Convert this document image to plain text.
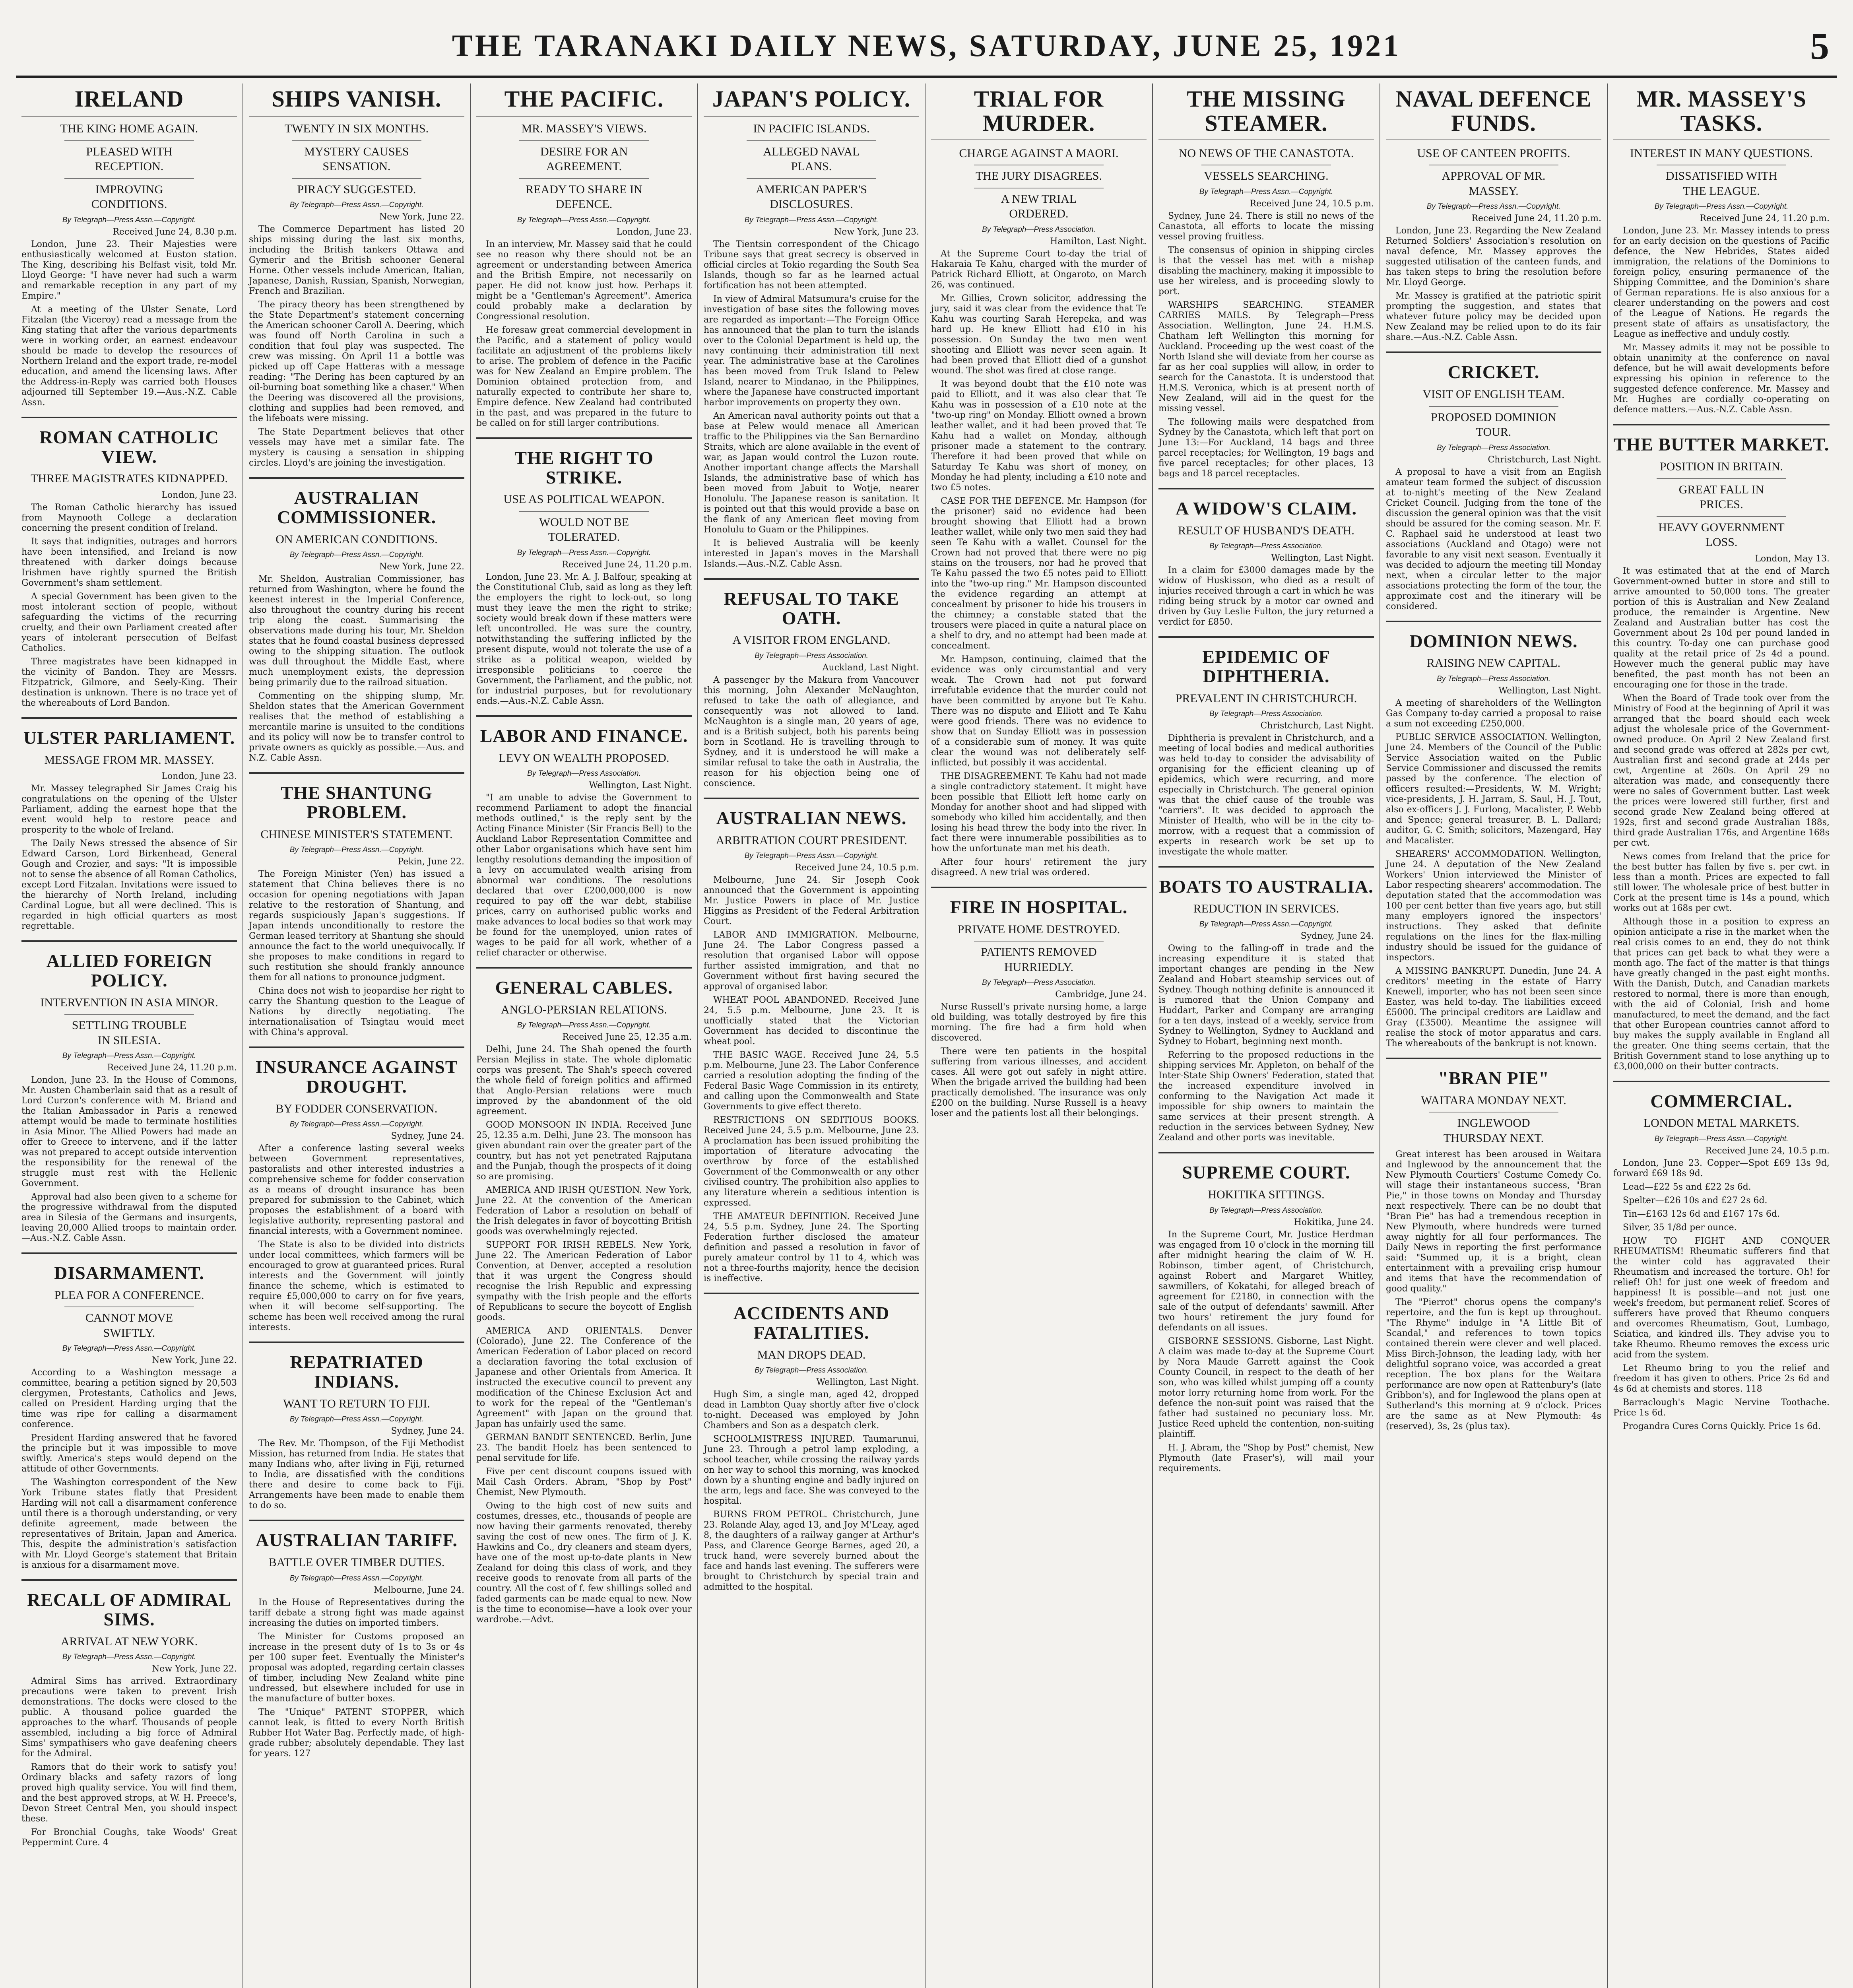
THE TARANAKI DAILY NEWS, SATURDAY, JUNE 25, 1921	5
IRELAND
THE KING HOME AGAIN.
PLEASED WITH RECEPTION.
IMPROVING CONDITIONS.
By Telegraph—Press Assn.—Copyright.
Received June 24, 8.30 p.m.

London, June 23. Their Majesties were enthusiastically welcomed at Euston station. The King, describing his Belfast visit, told Mr. Lloyd George: "I have never had such a warm and remarkable reception in any part of my Empire."

At a meeting of the Ulster Senate, Lord Fitzalan (the Viceroy) read a message from the King stating that after the various departments were in working order, an earnest endeavour should be made to develop the resources of Northern Ireland and the export trade, re-model education, and amend the licensing laws. After the Address-in-Reply was carried both Houses adjourned till September 19.—Aus.-N.Z. Cable Assn.

ROMAN CATHOLIC VIEW.
THREE MAGISTRATES KIDNAPPED.
London, June 23.

The Roman Catholic hierarchy has issued from Maynooth College a declaration concerning the present condition of Ireland.

It says that indignities, outrages and horrors have been intensified, and Ireland is now threatened with darker doings because Irishmen have rightly spurned the British Government's sham settlement.

A special Government has been given to the most intolerant section of people, without safeguarding the victims of the recurring cruelty, and their own Parliament created after years of intolerant persecution of Belfast Catholics.

Three magistrates have been kidnapped in the vicinity of Bandon. They are Messrs. Fitzpatrick, Gilmore, and Seely-King. Their destination is unknown. There is no trace yet of the whereabouts of Lord Bandon.

ULSTER PARLIAMENT.
MESSAGE FROM MR. MASSEY.
London, June 23.

Mr. Massey telegraphed Sir James Craig his congratulations on the opening of the Ulster Parliament, adding the earnest hope that the event would help to restore peace and prosperity to the whole of Ireland.

The Daily News stressed the absence of Sir Edward Carson, Lord Birkenhead, General Gough and Crozier, and says: "It is impossible not to sense the absence of all Roman Catholics, except Lord Fitzalan. Invitations were issued to the hierarchy of North Ireland, including Cardinal Logue, but all were declined. This is regarded in high official quarters as most regrettable.

ALLIED FOREIGN POLICY.
INTERVENTION IN ASIA MINOR.
SETTLING TROUBLE IN SILESIA.
By Telegraph—Press Assn.—Copyright.
Received June 24, 11.20 p.m.

London, June 23. In the House of Commons, Mr. Austen Chamberlain said that as a result of Lord Curzon's conference with M. Briand and the Italian Ambassador in Paris a renewed attempt would be made to terminate hostilities in Asia Minor. The Allied Powers had made an offer to Greece to intervene, and if the latter was not prepared to accept outside intervention the responsibility for the renewal of the struggle must rest with the Hellenic Government.

Approval had also been given to a scheme for the progressive withdrawal from the disputed area in Silesia of the Germans and insurgents, leaving 20,000 Allied troops to maintain order.—Aus.-N.Z. Cable Assn.

DISARMAMENT.
PLEA FOR A CONFERENCE.
CANNOT MOVE SWIFTLY.
By Telegraph—Press Assn.—Copyright.
New York, June 22.

According to a Washington message a committee, bearing a petition signed by 20,503 clergymen, Protestants, Catholics and Jews, called on President Harding urging that the time was ripe for calling a disarmament conference.

President Harding answered that he favored the principle but it was impossible to move swiftly. America's steps would depend on the attitude of other Governments.

The Washington correspondent of the New York Tribune states flatly that President Harding will not call a disarmament conference until there is a thorough understanding, or very definite agreement, made between the representatives of Britain, Japan and America. This, despite the administration's satisfaction with Mr. Lloyd George's statement that Britain is anxious for a disarmament move.

RECALL OF ADMIRAL SIMS.
ARRIVAL AT NEW YORK.
By Telegraph—Press Assn.—Copyright.
New York, June 22.

Admiral Sims has arrived. Extraordinary precautions were taken to prevent Irish demonstrations. The docks were closed to the public. A thousand police guarded the approaches to the wharf. Thousands of people assembled, including a big force of Admiral Sims' sympathisers who gave deafening cheers for the Admiral.

Ramors that do their work to satisfy you! Ordinary blacks and safety razors of long proved high quality service. You will find them, and the best approved strops, at W. H. Preece's, Devon Street Central Men, you should inspect these.

For Bronchial Coughs, take Woods' Great Peppermint Cure. 4

SHIPS VANISH.
TWENTY IN SIX MONTHS.
MYSTERY CAUSES SENSATION.
PIRACY SUGGESTED.
By Telegraph—Press Assn.—Copyright.
New York, June 22.

The Commerce Department has listed 20 ships missing during the last six months, including the British tankers Ottawa and Gymerir and the British schooner General Horne. Other vessels include American, Italian, Japanese, Danish, Russian, Spanish, Norwegian, French and Brazilian.

The piracy theory has been strengthened by the State Department's statement concerning the American schooner Caroll A. Deering, which was found off North Carolina in such a condition that foul play was suspected. The crew was missing. On April 11 a bottle was picked up off Cape Hatteras with a message reading: "The Dering has been captured by an oil-burning boat something like a chaser." When the Deering was discovered all the provisions, clothing and supplies had been removed, and the lifeboats were missing.

The State Department believes that other vessels may have met a similar fate. The mystery is causing a sensation in shipping circles. Lloyd's are joining the investigation.

AUSTRALIAN COMMISSIONER.
ON AMERICAN CONDITIONS.
By Telegraph—Press Assn.—Copyright.
New York, June 22.

Mr. Sheldon, Australian Commissioner, has returned from Washington, where he found the keenest interest in the Imperial Conference, also throughout the country during his recent trip along the coast. Summarising the observations made during his tour, Mr. Sheldon states that he found coastal business depressed owing to the shipping situation. The outlook was dull throughout the Middle East, where much unemployment exists, the depression being primarily due to the railroad situation.

Commenting on the shipping slump, Mr. Sheldon states that the American Government realises that the method of establishing a mercantile marine is unsuited to the conditions and its policy will now be to transfer control to private owners as quickly as possible.—Aus. and N.Z. Cable Assn.

THE SHANTUNG PROBLEM.
CHINESE MINISTER'S STATEMENT.
By Telegraph—Press Assn.—Copyright.
Pekin, June 22.

The Foreign Minister (Yen) has issued a statement that China believes there is no occasion for opening negotiations with Japan relative to the restoration of Shantung, and regards suspiciously Japan's suggestions. If Japan intends unconditionally to restore the German leased territory at Shantung she should announce the fact to the world unequivocally. If she proposes to make conditions in regard to such restitution she should frankly announce them for all nations to pronounce judgment.

China does not wish to jeopardise her right to carry the Shantung question to the League of Nations by directly negotiating. The internationalisation of Tsingtau would meet with China's approval.

INSURANCE AGAINST DROUGHT.
BY FODDER CONSERVATION.
By Telegraph—Press Assn.—Copyright.
Sydney, June 24.

After a conference lasting several weeks between Government representatives, pastoralists and other interested industries a comprehensive scheme for fodder conservation as a means of drought insurance has been prepared for submission to the Cabinet, which proposes the establishment of a board with legislative authority, representing pastoral and financial interests, with a Government nominee.

The State is also to be divided into districts under local committees, which farmers will be encouraged to grow at guaranteed prices. Rural interests and the Government will jointly finance the scheme, which is estimated to require £5,000,000 to carry on for five years, when it will become self-supporting. The scheme has been well received among the rural interests.

REPATRIATED INDIANS.
WANT TO RETURN TO FIJI.
By Telegraph—Press Assn.—Copyright.
Sydney, June 24.

The Rev. Mr. Thompson, of the Fiji Methodist Mission, has returned from India. He states that many Indians who, after living in Fiji, returned to India, are dissatisfied with the conditions there and desire to come back to Fiji. Arrangements have been made to enable them to do so.

AUSTRALIAN TARIFF.
BATTLE OVER TIMBER DUTIES.
By Telegraph—Press Assn.—Copyright.
Melbourne, June 24.

In the House of Representatives during the tariff debate a strong fight was made against increasing the duties on imported timbers.

The Minister for Customs proposed an increase in the present duty of 1s to 3s or 4s per 100 super feet. Eventually the Minister's proposal was adopted, regarding certain classes of timber, including New Zealand white pine undressed, but elsewhere included for use in the manufacture of butter boxes.

The "Unique" PATENT STOPPER, which cannot leak, is fitted to every North British Rubber Hot Water Bag. Perfectly made, of high-grade rubber; absolutely dependable. They last for years. 127

THE PACIFIC.
MR. MASSEY'S VIEWS.
DESIRE FOR AN AGREEMENT.
READY TO SHARE IN DEFENCE.
By Telegraph—Press Assn.—Copyright.
London, June 23.

In an interview, Mr. Massey said that he could see no reason why there should not be an agreement or understanding between America and the British Empire, not necessarily on paper. He did not know just how. Perhaps it might be a "Gentleman's Agreement". America could probably make a declaration by Congressional resolution.

He foresaw great commercial development in the Pacific, and a statement of policy would facilitate an adjustment of the problems likely to arise. The problem of defence in the Pacific was for New Zealand an Empire problem. The Dominion obtained protection from, and naturally expected to contribute her share to, Empire defence. New Zealand had contributed in the past, and was prepared in the future to be called on for still larger contributions.

THE RIGHT TO STRIKE.
USE AS POLITICAL WEAPON.
WOULD NOT BE TOLERATED.
By Telegraph—Press Assn.—Copyright.
Received June 24, 11.20 p.m.

London, June 23. Mr. A. J. Balfour, speaking at the Constitutional Club, said as long as they left the employers the right to lock-out, so long must they leave the men the right to strike; society would break down if these matters were left uncontrolled. He was sure the country, notwithstanding the suffering inflicted by the present dispute, would not tolerate the use of a strike as a political weapon, wielded by irresponsible politicians to coerce the Government, the Parliament, and the public, not for industrial purposes, but for revolutionary ends.—Aus.-N.Z. Cable Assn.

LABOR AND FINANCE.
LEVY ON WEALTH PROPOSED.
By Telegraph—Press Association.
Wellington, Last Night.

"I am unable to advise the Government to recommend Parliament to adopt the financial methods outlined," is the reply sent by the Acting Finance Minister (Sir Francis Bell) to the Auckland Labor Representation Committee and other Labor organisations which have sent him lengthy resolutions demanding the imposition of a levy on accumulated wealth arising from abnormal war conditions. The resolutions declared that over £200,000,000 is now required to pay off the war debt, stabilise prices, carry on authorised public works and make advances to local bodies so that work may be found for the unemployed, union rates of wages to be paid for all work, whether of a relief character or otherwise.

GENERAL CABLES.
ANGLO-PERSIAN RELATIONS.
By Telegraph—Press Assn.—Copyright.
Received June 25, 12.35 a.m.

Delhi, June 24. The Shah opened the fourth Persian Mejliss in state. The whole diplomatic corps was present. The Shah's speech covered the whole field of foreign politics and affirmed that Anglo-Persian relations were much improved by the abandonment of the old agreement.

GOOD MONSOON IN INDIA. Received June 25, 12.35 a.m. Delhi, June 23. The monsoon has given abundant rain over the greater part of the country, but has not yet penetrated Rajputana and the Punjab, though the prospects of it doing so are promising.

AMERICA AND IRISH QUESTION. New York, June 22. At the convention of the American Federation of Labor a resolution on behalf of the Irish delegates in favor of boycotting British goods was overwhelmingly rejected.

SUPPORT FOR IRISH REBELS. New York, June 22. The American Federation of Labor Convention, at Denver, accepted a resolution that it was urgent the Congress should recognise the Irish Republic and expressing sympathy with the Irish people and the efforts of Republicans to secure the boycott of English goods.

AMERICA AND ORIENTALS. Denver (Colorado), June 22. The Conference of the American Federation of Labor placed on record a declaration favoring the total exclusion of Japanese and other Orientals from America. It instructed the executive council to prevent any modification of the Chinese Exclusion Act and to work for the repeal of the "Gentleman's Agreement" with Japan on the ground that Japan has unfairly used the same.

GERMAN BANDIT SENTENCED. Berlin, June 23. The bandit Hoelz has been sentenced to penal servitude for life.

Five per cent discount coupons issued with Mail Cash Orders. Abram, "Shop by Post" Chemist, New Plymouth.

Owing to the high cost of new suits and costumes, dresses, etc., thousands of people are now having their garments renovated, thereby saving the cost of new ones. The firm of J. K. Hawkins and Co., dry cleaners and steam dyers, have one of the most up-to-date plants in New Zealand for doing this class of work, and they receive goods to renovate from all parts of the country. All the cost of f. few shillings solled and faded garments can be made equal to new. Now is the time to economise—have a look over your wardrobe.—Advt.

JAPAN'S POLICY.
IN PACIFIC ISLANDS.
ALLEGED NAVAL PLANS.
AMERICAN PAPER'S DISCLOSURES.
By Telegraph—Press Assn.—Copyright.
New York, June 23.

The Tientsin correspondent of the Chicago Tribune says that great secrecy is observed in official circles at Tokio regarding the South Sea Islands, though so far as he learned actual fortification has not been attempted.

In view of Admiral Matsumura's cruise for the investigation of base sites the following moves are regarded as important:—The Foreign Office has announced that the plan to turn the islands over to the Colonial Department is held up, the navy continuing their administration till next year. The administrative base at the Carolines has been moved from Truk Island to Pelew Island, nearer to Mindanao, in the Philippines, where the Japanese have constructed important harbor improvements on property they own.

An American naval authority points out that a base at Pelew would menace all American traffic to the Philippines via the San Bernardino Straits, which are alone available in the event of war, as Japan would control the Luzon route. Another important change affects the Marshall Islands, the administrative base of which has been moved from Jabuit to Wotje, nearer Honolulu. The Japanese reason is sanitation. It is pointed out that this would provide a base on the flank of any American fleet moving from Honolulu to Guam or the Philippines.

It is believed Australia will be keenly interested in Japan's moves in the Marshall Islands.—Aus.-N.Z. Cable Assn.

REFUSAL TO TAKE OATH.
A VISITOR FROM ENGLAND.
By Telegraph—Press Association.
Auckland, Last Night.

A passenger by the Makura from Vancouver this morning, John Alexander McNaughton, refused to take the oath of allegiance, and consequently was not allowed to land. McNaughton is a single man, 20 years of age, and is a British subject, both his parents being born in Scotland. He is travelling through to Sydney, and it is understood he will make a similar refusal to take the oath in Australia, the reason for his objection being one of conscience.

AUSTRALIAN NEWS.
ARBITRATION COURT PRESIDENT.
By Telegraph—Press Assn.—Copyright.
Received June 24, 10.5 p.m.

Melbourne, June 24. Sir Joseph Cook announced that the Government is appointing Mr. Justice Powers in place of Mr. Justice Higgins as President of the Federal Arbitration Court.

LABOR AND IMMIGRATION. Melbourne, June 24. The Labor Congress passed a resolution that organised Labor will oppose further assisted immigration, and that no Government without first having secured the approval of organised labor.

WHEAT POOL ABANDONED. Received June 24, 5.5 p.m. Melbourne, June 23. It is unofficially stated that the Victorian Government has decided to discontinue the wheat pool.

THE BASIC WAGE. Received June 24, 5.5 p.m. Melbourne, June 23. The Labor Conference carried a resolution adopting the finding of the Federal Basic Wage Commission in its entirety, and calling upon the Commonwealth and State Governments to give effect thereto.

RESTRICTIONS ON SEDITIOUS BOOKS. Received June 24, 5.5 p.m. Melbourne, June 23. A proclamation has been issued prohibiting the importation of literature advocating the overthrow by force of the established Government of the Commonwealth or any other civilised country. The prohibition also applies to any literature wherein a seditious intention is expressed.

THE AMATEUR DEFINITION. Received June 24, 5.5 p.m. Sydney, June 24. The Sporting Federation further disclosed the amateur definition and passed a resolution in favor of purely amateur control by 11 to 4, which was not a three-fourths majority, hence the decision is ineffective.

ACCIDENTS AND FATALITIES.
MAN DROPS DEAD.
By Telegraph—Press Association.
Wellington, Last Night.

Hugh Sim, a single man, aged 42, dropped dead in Lambton Quay shortly after five o'clock to-night. Deceased was employed by John Chambers and Son as a despatch clerk.

SCHOOLMISTRESS INJURED. Taumarunui, June 23. Through a petrol lamp exploding, a school teacher, while crossing the railway yards on her way to school this morning, was knocked down by a shunting engine and badly injured on the arm, legs and face. She was conveyed to the hospital.

BURNS FROM PETROL. Christchurch, June 23. Rolande Alay, aged 13, and Joy M'Leay, aged 8, the daughters of a railway ganger at Arthur's Pass, and Clarence George Barnes, aged 20, a truck hand, were severely burned about the face and hands last evening. The sufferers were brought to Christchurch by special train and admitted to the hospital.

TRIAL FOR MURDER.
CHARGE AGAINST A MAORI.
THE JURY DISAGREES.
A NEW TRIAL ORDERED.
By Telegraph—Press Association.
Hamilton, Last Night.

At the Supreme Court to-day the trial of Hakaraia Te Kahu, charged with the murder of Patrick Richard Elliott, at Ongaroto, on March 26, was continued.

Mr. Gillies, Crown solicitor, addressing the jury, said it was clear from the evidence that Te Kahu was courting Sarah Herepeka, and was hard up. He knew Elliott had £10 in his possession. On Sunday the two men went shooting and Elliott was never seen again. It had been proved that Elliott died of a gunshot wound. The shot was fired at close range.

It was beyond doubt that the £10 note was paid to Elliott, and it was also clear that Te Kahu was in possession of a £10 note at the "two-up ring" on Monday. Elliott owned a brown leather wallet, and it had been proved that Te Kahu had a wallet on Monday, although prisoner made a statement to the contrary. Therefore it had been proved that while on Saturday Te Kahu was short of money, on Monday he had plenty, including a £10 note and two £5 notes.

CASE FOR THE DEFENCE. Mr. Hampson (for the prisoner) said no evidence had been brought showing that Elliott had a brown leather wallet, while only two men said they had seen Te Kahu with a wallet. Counsel for the Crown had not proved that there were no pig stains on the trousers, nor had he proved that Te Kahu passed the two £5 notes paid to Elliott into the "two-up ring." Mr. Hampson discounted the evidence regarding an attempt at concealment by prisoner to hide his trousers in the chimney; a constable stated that the trousers were placed in quite a natural place on a shelf to dry, and no attempt had been made at concealment.

Mr. Hampson, continuing, claimed that the evidence was only circumstantial and very weak. The Crown had not put forward irrefutable evidence that the murder could not have been committed by anyone but Te Kahu. There was no dispute and Elliott and Te Kahu were good friends. There was no evidence to show that on Sunday Elliott was in possession of a considerable sum of money. It was quite clear the wound was not deliberately self-inflicted, but possibly it was accidental.

THE DISAGREEMENT. Te Kahu had not made a single contradictory statement. It might have been possible that Elliott left home early on Monday for another shoot and had slipped with somebody who killed him accidentally, and then losing his head threw the body into the river. In fact there were innumerable possibilities as to how the unfortunate man met his death.

After four hours' retirement the jury disagreed. A new trial was ordered.

FIRE IN HOSPITAL.
PRIVATE HOME DESTROYED.
PATIENTS REMOVED HURRIEDLY.
By Telegraph—Press Association.
Cambridge, June 24.

Nurse Russell's private nursing home, a large old building, was totally destroyed by fire this morning. The fire had a firm hold when discovered.

There were ten patients in the hospital suffering from various illnesses, and accident cases. All were got out safely in night attire. When the brigade arrived the building had been practically demolished. The insurance was only £200 on the building. Nurse Russell is a heavy loser and the patients lost all their belongings.

THE MISSING STEAMER.
NO NEWS OF THE CANASTOTA.
VESSELS SEARCHING.
By Telegraph—Press Assn.—Copyright.
Received June 24, 10.5 p.m.

Sydney, June 24. There is still no news of the Canastota, all efforts to locate the missing vessel proving fruitless.

The consensus of opinion in shipping circles is that the vessel has met with a mishap disabling the machinery, making it impossible to use her wireless, and is proceeding slowly to port.

WARSHIPS SEARCHING. STEAMER CARRIES MAILS. By Telegraph—Press Association. Wellington, June 24. H.M.S. Chatham left Wellington this morning for Auckland. Proceeding up the west coast of the North Island she will deviate from her course as far as her coal supplies will allow, in order to search for the Canastota. It is understood that H.M.S. Veronica, which is at present north of New Zealand, will aid in the quest for the missing vessel.

The following mails were despatched from Sydney by the Canastota, which left that port on June 13:—For Auckland, 14 bags and three parcel receptacles; for Wellington, 19 bags and five parcel receptacles; for other places, 13 bags and 18 parcel receptacles.

A WIDOW'S CLAIM.
RESULT OF HUSBAND'S DEATH.
By Telegraph—Press Association.
Wellington, Last Night.

In a claim for £3000 damages made by the widow of Huskisson, who died as a result of injuries received through a cart in which he was riding being struck by a motor car owned and driven by Guy Leslie Fulton, the jury returned a verdict for £850.

EPIDEMIC OF DIPHTHERIA.
PREVALENT IN CHRISTCHURCH.
By Telegraph—Press Association.
Christchurch, Last Night.

Diphtheria is prevalent in Christchurch, and a meeting of local bodies and medical authorities was held to-day to consider the advisability of organising for the efficient cleaning up of epidemics, which were recurring, and more especially in Christchurch. The general opinion was that the chief cause of the trouble was "carriers". It was decided to approach the Minister of Health, who will be in the city to-morrow, with a request that a commission of experts in research work be set up to investigate the whole matter.

BOATS TO AUSTRALIA.
REDUCTION IN SERVICES.
By Telegraph—Press Assn.—Copyright.
Sydney, June 24.

Owing to the falling-off in trade and the increasing expenditure it is stated that important changes are pending in the New Zealand and Hobart steamship services out of Sydney. Though nothing definite is announced it is rumored that the Union Company and Huddart, Parker and Company are arranging for a ten days, instead of a weekly, service from Sydney to Wellington, Sydney to Auckland and Sydney to Hobart, beginning next month.

Referring to the proposed reductions in the shipping services Mr. Appleton, on behalf of the Inter-State Ship Owners' Federation, stated that the increased expenditure involved in conforming to the Navigation Act made it impossible for ship owners to maintain the same services at their present strength. A reduction in the services between Sydney, New Zealand and other ports was inevitable.

SUPREME COURT.
HOKITIKA SITTINGS.
By Telegraph—Press Association.
Hokitika, June 24.

In the Supreme Court, Mr. Justice Herdman was engaged from 10 o'clock in the morning till after midnight hearing the claim of W. H. Robinson, timber agent, of Christchurch, against Robert and Margaret Whitley, sawmillers, of Kokatahi, for alleged breach of agreement for £2180, in connection with the sale of the output of defendants' sawmill. After two hours' retirement the jury found for defendants on all issues.

GISBORNE SESSIONS. Gisborne, Last Night. A claim was made to-day at the Supreme Court by Nora Maude Garrett against the Cook County Council, in respect to the death of her son, who was killed whilst jumping off a county motor lorry returning home from work. For the defence the non-suit point was raised that the father had sustained no pecuniary loss. Mr. Justice Reed upheld the contention, non-suiting plaintiff.

H. J. Abram, the "Shop by Post" chemist, New Plymouth (late Fraser's), will mail your requirements.

NAVAL DEFENCE FUNDS.
USE OF CANTEEN PROFITS.
APPROVAL OF MR. MASSEY.
By Telegraph—Press Assn.—Copyright.
Received June 24, 11.20 p.m.

London, June 23. Regarding the New Zealand Returned Soldiers' Association's resolution on naval defence, Mr. Massey approves the suggested utilisation of the canteen funds, and has taken steps to bring the resolution before Mr. Lloyd George.

Mr. Massey is gratified at the patriotic spirit prompting the suggestion, and states that whatever future policy may be decided upon New Zealand may be relied upon to do its fair share.—Aus.-N.Z. Cable Assn.

CRICKET.
VISIT OF ENGLISH TEAM.
PROPOSED DOMINION TOUR.
By Telegraph—Press Association.
Christchurch, Last Night.

A proposal to have a visit from an English amateur team formed the subject of discussion at to-night's meeting of the New Zealand Cricket Council. Judging from the tone of the discussion the general opinion was that the visit should be assured for the coming season. Mr. F. C. Raphael said he understood at least two associations (Auckland and Otago) were not favorable to any visit next season. Eventually it was decided to adjourn the meeting till Monday next, when a circular letter to the major associations protecting the form of the tour, the approximate cost and the itinerary will be considered.

DOMINION NEWS.
RAISING NEW CAPITAL.
By Telegraph—Press Association.
Wellington, Last Night.

A meeting of shareholders of the Wellington Gas Company to-day carried a proposal to raise a sum not exceeding £250,000.

PUBLIC SERVICE ASSOCIATION. Wellington, June 24. Members of the Council of the Public Service Association waited on the Public Service Commissioner and discussed the remits passed by the conference. The election of officers resulted:—Presidents, W. M. Wright; vice-presidents, J. H. Jarram, S. Saul, H. J. Tout, also ex-officers J. J. Furlong, Macalister, P. Webb and Spence; general treasurer, B. L. Dallard; auditor, G. C. Smith; solicitors, Mazengard, Hay and Macalister.

SHEARERS' ACCOMMODATION. Wellington, June 24. A deputation of the New Zealand Workers' Union interviewed the Minister of Labor respecting shearers' accommodation. The deputation stated that the accommodation was 100 per cent better than five years ago, but still many employers ignored the inspectors' instructions. They asked that definite regulations on the lines for the flax-milling industry should be issued for the guidance of inspectors.

A MISSING BANKRUPT. Dunedin, June 24. A creditors' meeting in the estate of Harry Knewell, importer, who has not been seen since Easter, was held to-day. The liabilities exceed £5000. The principal creditors are Laidlaw and Gray (£3500). Meantime the assignee will realise the stock of motor apparatus and cars. The whereabouts of the bankrupt is not known.

"BRAN PIE"
WAITARA MONDAY NEXT.
INGLEWOOD THURSDAY NEXT.

Great interest has been aroused in Waitara and Inglewood by the announcement that the New Plymouth Courtiers' Costume Comedy Co. will stage their instantaneous success, "Bran Pie," in those towns on Monday and Thursday next respectively. There can be no doubt that "Bran Pie" has had a tremendous reception in New Plymouth, where hundreds were turned away nightly for all four performances. The Daily News in reporting the first performance said: "Summed up, it is a bright, clean entertainment with a prevailing crisp humour and items that have the recommendation of good quality."

The "Pierrot" chorus opens the company's repertoire, and the fun is kept up throughout. "The Rhyme" indulge in "A Little Bit of Scandal," and references to town topics contained therein were clever and well placed. Miss Birch-Johnson, the leading lady, with her delightful soprano voice, was accorded a great reception. The box plans for the Waitara performance are now open at Rattenbury's (late Gribbon's), and for Inglewood the plans open at Sutherland's this morning at 9 o'clock. Prices are the same as at New Plymouth: 4s (reserved), 3s, 2s (plus tax).

MR. MASSEY'S TASKS.
INTEREST IN MANY QUESTIONS.
DISSATISFIED WITH THE LEAGUE.
By Telegraph—Press Assn.—Copyright.
Received June 24, 11.20 p.m.

London, June 23. Mr. Massey intends to press for an early decision on the questions of Pacific defence, the New Hebrides, States aided immigration, the relations of the Dominions to foreign policy, ensuring permanence of the Shipping Committee, and the Dominion's share of German reparations. He is also anxious for a clearer understanding on the powers and cost of the League of Nations. He regards the present state of affairs as unsatisfactory, the League as ineffective and unduly costly.

Mr. Massey admits it may not be possible to obtain unanimity at the conference on naval defence, but he will await developments before expressing his opinion in reference to the suggested defence conference. Mr. Massey and Mr. Hughes are cordially co-operating on defence matters.—Aus.-N.Z. Cable Assn.

THE BUTTER MARKET.
POSITION IN BRITAIN.
GREAT FALL IN PRICES.
HEAVY GOVERNMENT LOSS.
London, May 13.

It was estimated that at the end of March Government-owned butter in store and still to arrive amounted to 50,000 tons. The greater portion of this is Australian and New Zealand produce, the remainder is Argentine. New Zealand and Australian butter has cost the Government about 2s 10d per pound landed in this country. To-day one can purchase good quality at the retail price of 2s 4d a pound. However much the general public may have benefited, the past month has not been an encouraging one for those in the trade.

When the Board of Trade took over from the Ministry of Food at the beginning of April it was arranged that the board should each week adjust the wholesale price of the Government-owned produce. On April 2 New Zealand first and second grade was offered at 282s per cwt, Australian first and second grade at 244s per cwt, Argentine at 260s. On April 29 no alteration was made, and consequently there were no sales of Government butter. Last week the prices were lowered still further, first and second grade New Zealand being offered at 192s, first and second grade Australian 188s, third grade Australian 176s, and Argentine 168s per cwt.

News comes from Ireland that the price for the best butter has fallen by five s. per cwt. in less than a month. Prices are expected to fall still lower. The wholesale price of best butter in Cork at the present time is 14s a pound, which works out at 168s per cwt.

Although those in a position to express an opinion anticipate a rise in the market when the real crisis comes to an end, they do not think that prices can get back to what they were a month ago. The fact of the matter is that things have greatly changed in the past eight months. With the Danish, Dutch, and Canadian markets restored to normal, there is more than enough, with the aid of Colonial, Irish and home manufactured, to meet the demand, and the fact that other European countries cannot afford to buy makes the supply available in England all the greater. One thing seems certain, that the British Government stand to lose anything up to £3,000,000 on their butter contracts.

COMMERCIAL.
LONDON METAL MARKETS.
By Telegraph—Press Assn.—Copyright.
Received June 24, 10.5 p.m.

London, June 23. Copper—Spot £69 13s 9d, forward £69 18s 9d.

Lead—£22 5s and £22 2s 6d.

Spelter—£26 10s and £27 2s 6d.

Tin—£163 12s 6d and £167 17s 6d.

Silver, 35 1/8d per ounce.

HOW TO FIGHT AND CONQUER RHEUMATISM! Rheumatic sufferers find that the winter cold has aggravated their Rheumatism and increased the torture. Oh! for relief! Oh! for just one week of freedom and happiness! It is possible—and not just one week's freedom, but permanent relief. Scores of sufferers have proved that Rheumo conquers and overcomes Rheumatism, Gout, Lumbago, Sciatica, and kindred ills. They advise you to take Rheumo. Rheumo removes the excess uric acid from the system.

Let Rheumo bring to you the relief and freedom it has given to others. Price 2s 6d and 4s 6d at chemists and stores. 118

Barraclough's Magic Nervine Toothache. Price 1s 6d.

Progandra Cures Corns Quickly. Price 1s 6d.
